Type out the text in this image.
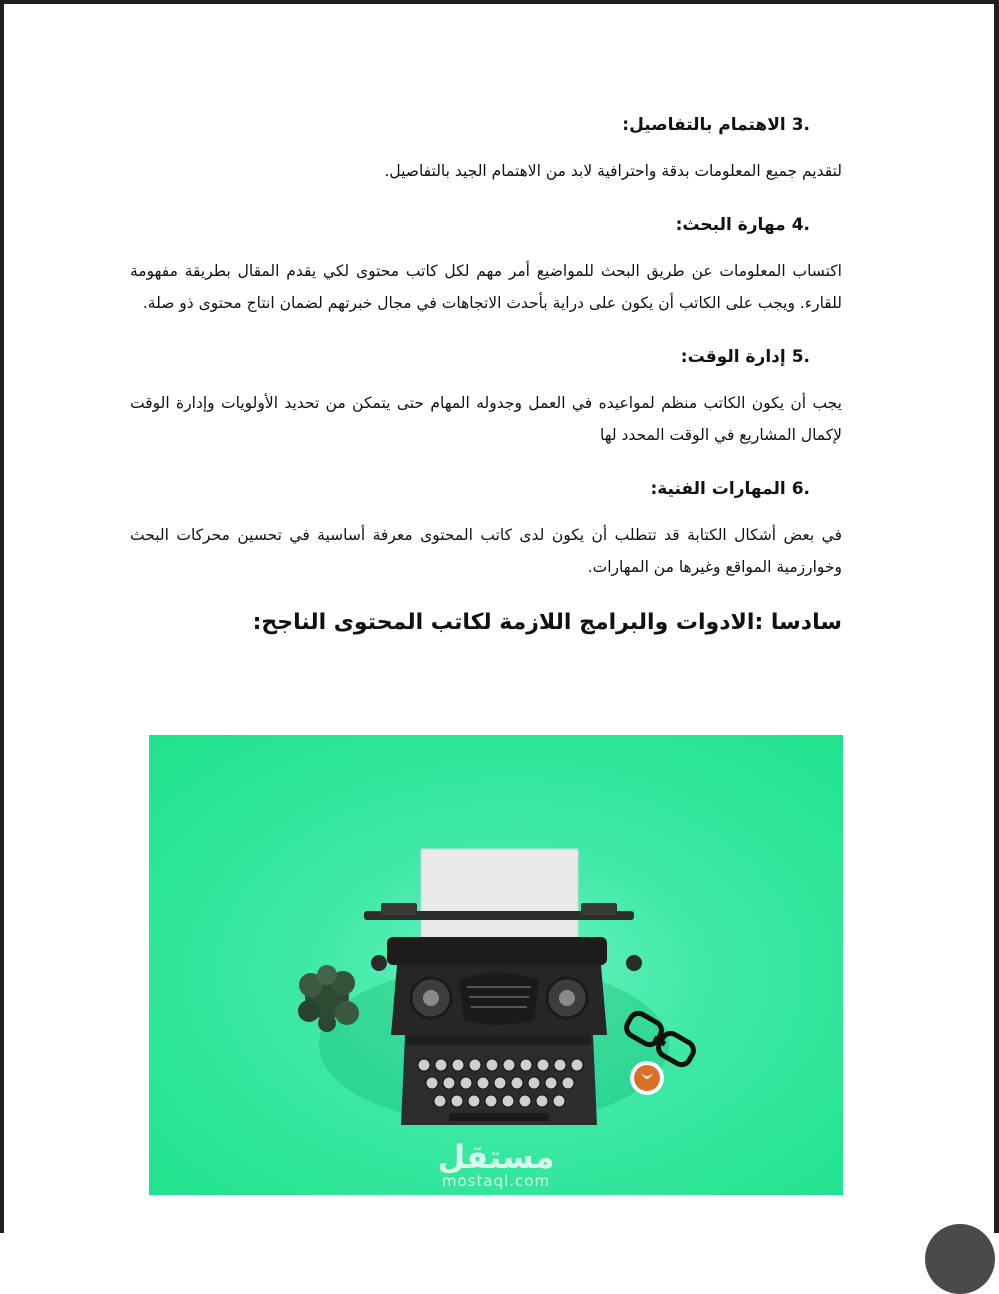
3.الاهتمام بالتفاصيل:

لتقديم جميع المعلومات بدقة واحترافية لابد من الاهتمام الجيد بالتفاصيل.

4.مهارة البحث:

اكتساب المعلومات عن طريق البحث للمواضيع أمر مهم لكل كاتب محتوى لكي يقدم المقال بطريقة مفهومة للقارء. ويجب على الكاتب أن يكون على دراية بأحدث الاتجاهات في مجال خبرتهم لضمان انتاج محتوى ذو صلة.

5.إدارة الوقت:

يجب أن يكون الكاتب منظم لمواعيده في العمل وجدوله المهام حتى يتمكن من تحديد الأولويات وإدارة الوقت لإكمال المشاريع في الوقت المحدد لها

6.المهارات الفنية:

في بعض أشكال الكتابة قد تتطلب أن يكون لدى كاتب المحتوى معرفة أساسية في تحسين محركات البحث وخوارزمية المواقع وغيرها من المهارات.

سادسا :الادوات والبرامج اللازمة لكاتب المحتوى الناجح:
مستقل
mostaql.com
